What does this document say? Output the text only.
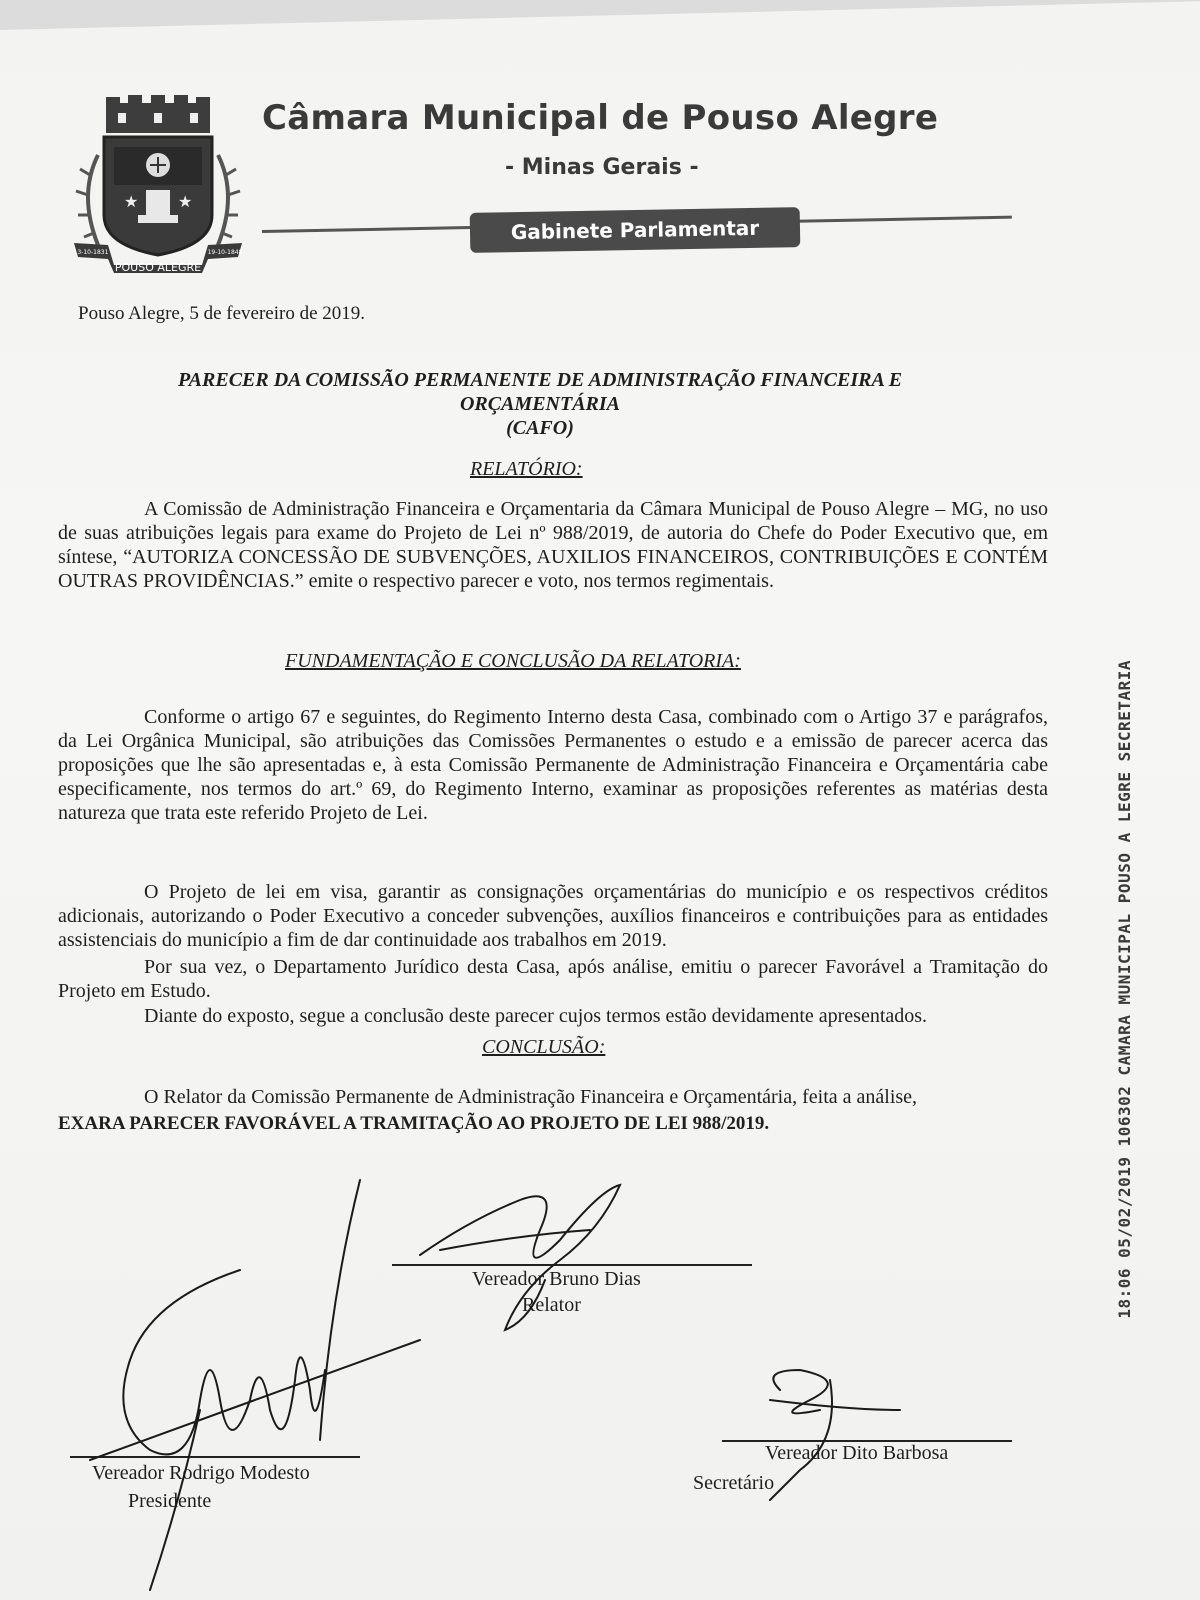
★ ★
POUSO ALEGRE
13-10-1831	19-10-1848
Câmara Municipal de Pouso Alegre
- Minas Gerais -
Gabinete Parlamentar
Pouso Alegre, 5 de fevereiro de 2019.
PARECER DA COMISSÃO PERMANENTE DE ADMINISTRAÇÃO FINANCEIRA E
ORÇAMENTÁRIA
(CAFO)
RELATÓRIO:
A Comissão de Administração Financeira e Orçamentaria da Câmara Municipal de Pouso Alegre – MG, no uso de suas atribuições legais para exame do Projeto de Lei nº 988/2019, de autoria do Chefe do Poder Executivo que, em síntese, “AUTORIZA CONCESSÃO DE SUBVENÇÕES, AUXILIOS FINANCEIROS, CONTRIBUIÇÕES E CONTÉM OUTRAS PROVIDÊNCIAS.” emite o respectivo parecer e voto, nos termos regimentais.
FUNDAMENTAÇÃO E CONCLUSÃO DA RELATORIA:
Conforme o artigo 67 e seguintes, do Regimento Interno desta Casa, combinado com o Artigo 37 e parágrafos, da Lei Orgânica Municipal, são atribuições das Comissões Permanentes o estudo e a emissão de parecer acerca das proposições que lhe são apresentadas e, à esta Comissão Permanente de Administração Financeira e Orçamentária cabe especificamente, nos termos do art.º 69, do Regimento Interno, examinar as proposições referentes as matérias desta natureza que trata este referido Projeto de Lei.
O Projeto de lei em visa, garantir as consignações orçamentárias do município e os respectivos créditos adicionais, autorizando o Poder Executivo a conceder subvenções, auxílios financeiros e contribuições para as entidades assistenciais do município a fim de dar continuidade aos trabalhos em 2019.
Por sua vez, o Departamento Jurídico desta Casa, após análise, emitiu o parecer Favorável a Tramitação do Projeto em Estudo.
Diante do exposto, segue a conclusão deste parecer cujos termos estão devidamente apresentados.
CONCLUSÃO:
O Relator da Comissão Permanente de Administração Financeira e Orçamentária, feita a análise,
EXARA PARECER FAVORÁVEL A TRAMITAÇÃO AO PROJETO DE LEI 988/2019.	18:06 05/02/2019 106302 CAMARA MUNICIPAL POUSO A LEGRE SECRETARIA
Vereador Bruno Dias
Relator
Vereador Rodrigo Modesto
Presidente
Vereador Dito Barbosa
Secretário
